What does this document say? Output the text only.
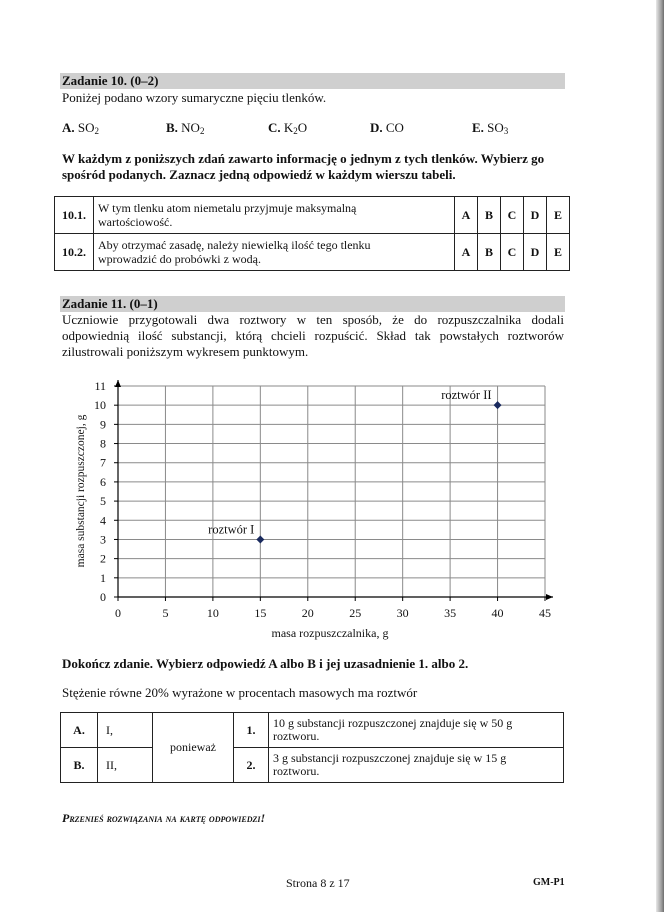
Zadanie 10. (0–2)
Poniżej podano wzory sumaryczne pięciu tlenków.
A. $SO_2$	B. $NO_2$	C. $K_2O$	D. CO	E. $SO_3$
W każdym z poniższych zdań zawarto informację o jednym z tych tlenków. Wybierz go
spośród podanych. Zaznacz jedną odpowiedź w każdym wierszu tabeli.
10.1.	W tym tlenku atom niemetalu przyjmuje maksymalną
wartościowość.	A	B	C	D	E
10.2.	Aby otrzymać zasadę, należy niewielką ilość tego tlenku
wprowadzić do probówki z wodą.	A	B	C	D	E
Zadanie 11. (0–1)
Uczniowie przygotowali dwa roztwory w ten sposób, że do rozpuszczalnika dodali
odpowiednią ilość substancji, którą chcieli rozpuścić. Skład tak powstałych roztworów
zilustrowali poniższym wykresem punktowym.
0	5	10	15	20	25	30	35	40	45
0
1
2
3
4
5
6
7
8
9
10
11
roztwór I
roztwór II
masa rozpuszczalnika, g
masa substancji rozpuszczonej, g
Dokończ zdanie. Wybierz odpowiedź A albo B i jej uzasadnienie 1. albo 2.
Stężenie równe 20% wyrażone w procentach masowych ma roztwór
A.	I,	ponieważ	1.	10 g substancji rozpuszczonej znajduje się w 50 g
roztworu.

B.	II,		2.	3 g substancji rozpuszczonej znajduje się w 15 g
roztworu.
Przenieś rozwiązania na kartę odpowiedzi!
Strona 8 z 17	GM-P1
